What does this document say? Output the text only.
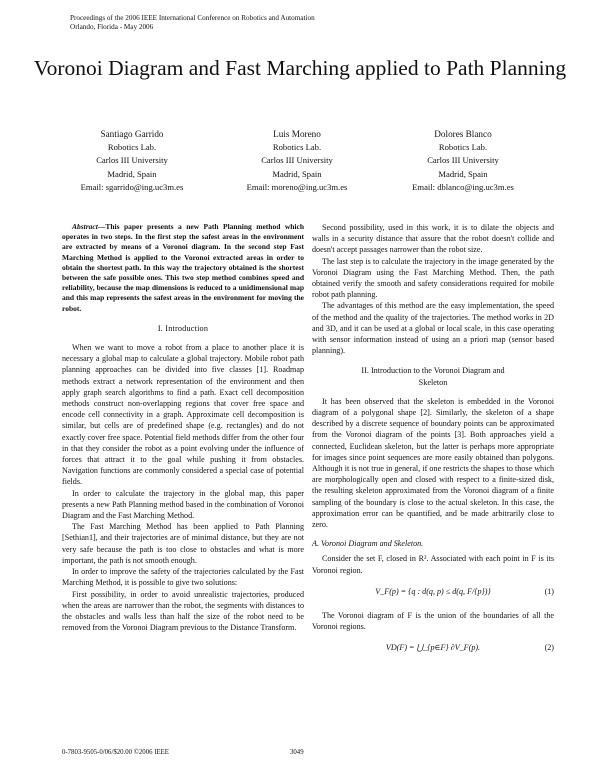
Proceedings of the 2006 IEEE International Conference on Robotics and Automation
Orlando, Florida - May 2006
Voronoi Diagram and Fast Marching applied to Path Planning
Santiago Garrido
Robotics Lab.
Carlos III University
Madrid, Spain
Email: sgarrido@ing.uc3m.es
Luis Moreno
Robotics Lab.
Carlos III University
Madrid, Spain
Email: moreno@ing.uc3m.es
Dolores Blanco
Robotics Lab.
Carlos III University
Madrid, Spain
Email: dblanco@ing.uc3m.es

Abstract—This paper presents a new Path Planning method which operates in two steps. In the first step the safest areas in the environment are extracted by means of a Voronoi diagram. In the second step Fast Marching Method is applied to the Voronoi extracted areas in order to obtain the shortest path. In this way the trajectory obtained is the shortest between the safe possible ones. This two step method combines speed and reliability, because the map dimensions is reduced to a unidimensional map and this map represents the safest areas in the environment for moving the robot.

I. Introduction

When we want to move a robot from a place to another place it is necessary a global map to calculate a global trajectory. Mobile robot path planning approaches can be divided into five classes [1]. Roadmap methods extract a network representation of the environment and then apply graph search algorithms to find a path. Exact cell decomposition methods construct non-overlapping regions that cover free space and encode cell connectivity in a graph. Approximate cell decomposition is similar, but cells are of predefined shape (e.g. rectangles) and do not exactly cover free space. Potential field methods differ from the other four in that they consider the robot as a point evolving under the influence of forces that attract it to the goal while pushing it from obstacles. Navigation functions are commonly considered a special case of potential fields.

In order to calculate the trajectory in the global map, this paper presents a new Path Planning method based in the combination of Voronoi Diagram and the Fast Marching Method.

The Fast Marching Method has been applied to Path Planning [Sethian1], and their trajectories are of minimal distance, but they are not very safe because the path is too close to obstacles and what is more important, the path is not smooth enough.

In order to improve the safety of the trajectories calculated by the Fast Marching Method, it is possible to give two solutions:

First possibility, in order to avoid unrealistic trajectories, produced when the areas are narrower than the robot, the segments with distances to the obstacles and walls less than half the size of the robot need to be removed from the Voronoi Diagram previous to the Distance Transform.

Second possibility, used in this work, it is to dilate the objects and walls in a security distance that assure that the robot doesn't collide and doesn't accept passages narrower than the robot size.

The last step is to calculate the trajectory in the image generated by the Voronoi Diagram using the Fast Marching Method. Then, the path obtained verify the smooth and safety considerations required for mobile robot path planning.

The advantages of this method are the easy implementation, the speed of the method and the quality of the trajectories. The method works in 2D and 3D, and it can be used at a global or local scale, in this case operating with sensor information instead of using an a priori map (sensor based planning).

II. Introduction to the Voronoi Diagram and
Skeleton

It has been observed that the skeleton is embedded in the Voronoi diagram of a polygonal shape [2]. Similarly, the skeleton of a shape described by a discrete sequence of boundary points can be approximated from the Voronoi diagram of the points [3]. Both approaches yield a connected, Euclidean skeleton, but the latter is perhaps more appropriate for images since point sequences are more easily obtained than polygons. Although it is not true in general, if one restricts the shapes to those which are morphologically open and closed with respect to a finite-sized disk, the resulting skeleton approximated from the Voronoi diagram of a finite sampling of the boundary is close to the actual skeleton. In this case, the approximation error can be quantified, and be made arbitrarily close to zero.

A. Voronoi Diagram and Skeleton.

Consider the set F, closed in R². Associated with each point in F is its Voronoi region.

V_F(p) = {q : d(q, p) ≤ d(q, F/{p})}	(1)

The Voronoi diagram of F is the union of the boundaries of all the Voronoi regions.

VD(F) = ⋃_{p∈F} ∂V_F(p).	(2)
0-7803-9505-0/06/$20.00 ©2006 IEEE	3049
